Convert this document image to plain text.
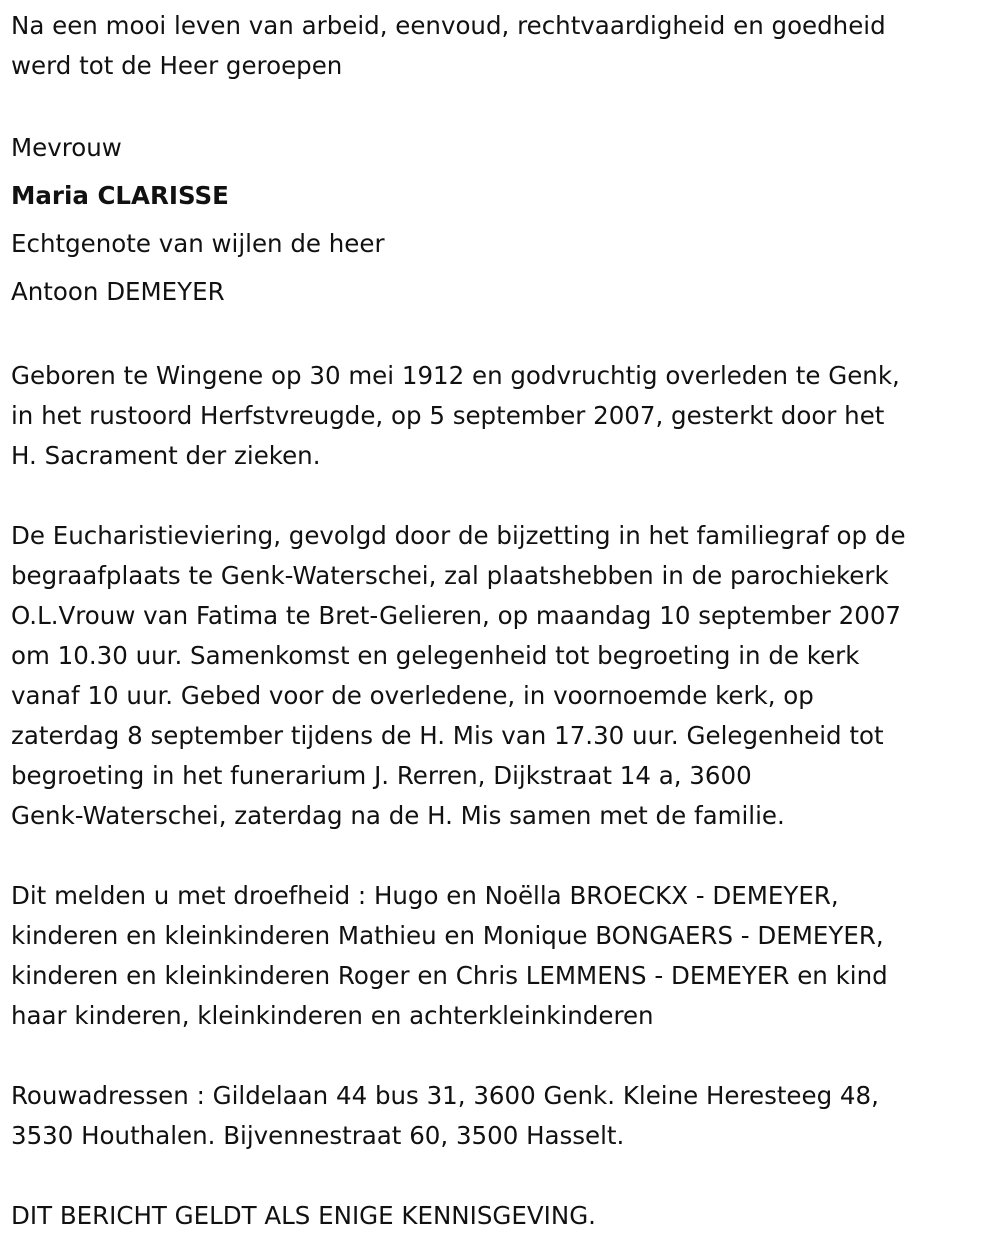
Na een mooi leven van arbeid, eenvoud, rechtvaardigheid en goedheid
werd tot de Heer geroepen

Mevrouw
Maria CLARISSE
Echtgenote van wijlen de heer
Antoon DEMEYER

Geboren te Wingene op 30 mei 1912 en godvruchtig overleden te Genk,
in het rustoord Herfstvreugde, op 5 september 2007, gesterkt door het
H. Sacrament der zieken.

De Eucharistieviering, gevolgd door de bijzetting in het familiegraf op de
begraafplaats te Genk-Waterschei, zal plaatshebben in de parochiekerk
O.L.Vrouw van Fatima te Bret-Gelieren, op maandag 10 september 2007
om 10.30 uur. Samenkomst en gelegenheid tot begroeting in de kerk
vanaf 10 uur. Gebed voor de overledene, in voornoemde kerk, op
zaterdag 8 september tijdens de H. Mis van 17.30 uur. Gelegenheid tot
begroeting in het funerarium J. Rerren, Dijkstraat 14 a, 3600
Genk-Waterschei, zaterdag na de H. Mis samen met de familie.

Dit melden u met droefheid : Hugo en Noëlla BROECKX - DEMEYER,
kinderen en kleinkinderen Mathieu en Monique BONGAERS - DEMEYER,
kinderen en kleinkinderen Roger en Chris LEMMENS - DEMEYER en kind
haar kinderen, kleinkinderen en achterkleinkinderen

Rouwadressen : Gildelaan 44 bus 31, 3600 Genk. Kleine Heresteeg 48,
3530 Houthalen. Bijvennestraat 60, 3500 Hasselt.

DIT BERICHT GELDT ALS ENIGE KENNISGEVING.
